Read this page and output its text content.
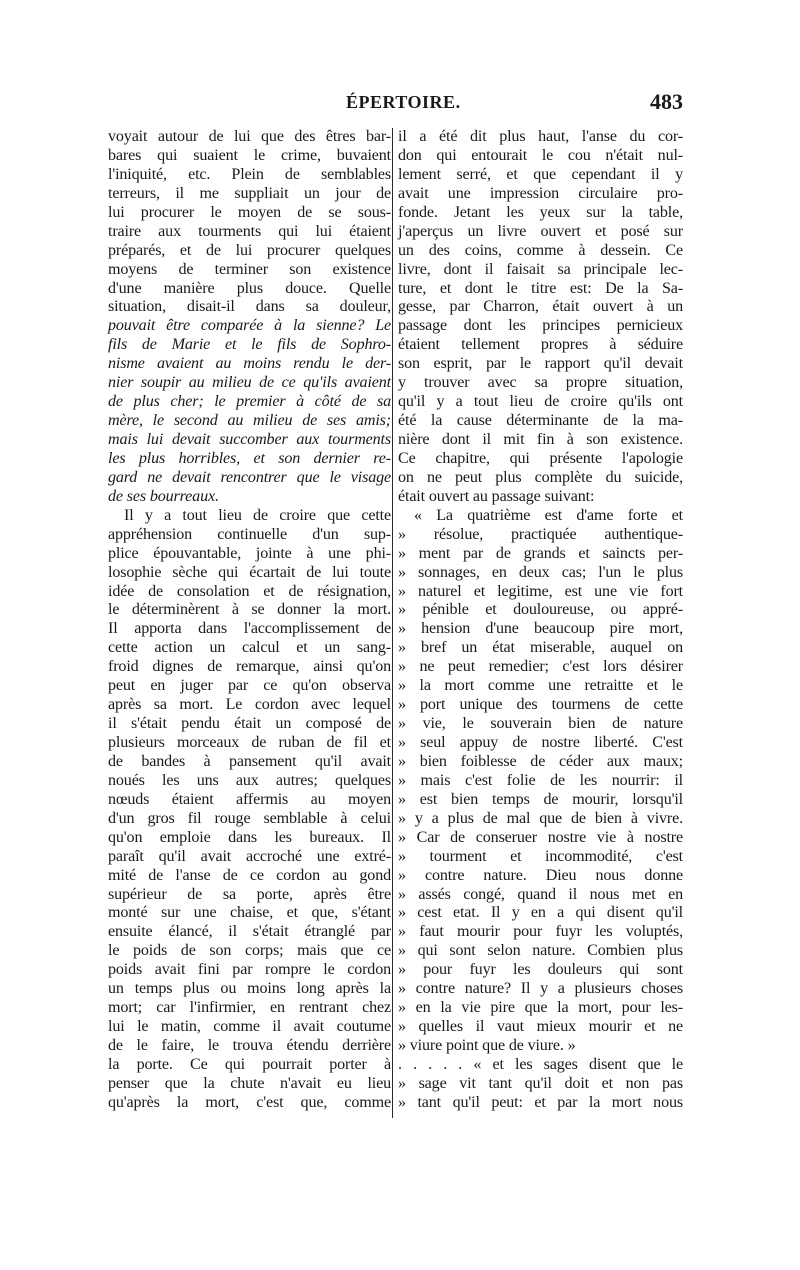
ÉPERTOIRE.	483
voyait autour de lui que des êtres bar-
bares qui suaient le crime, buvaient
l'iniquité, etc. Plein de semblables
terreurs, il me suppliait un jour de
lui procurer le moyen de se sous-
traire aux tourments qui lui étaient
préparés, et de lui procurer quelques
moyens de terminer son existence
d'une manière plus douce. Quelle
situation, disait-il dans sa douleur,
pouvait être comparée à la sienne? Le
fils de Marie et le fils de Sophro-
nisme avaient au moins rendu le der-
nier soupir au milieu de ce qu'ils avaient
de plus cher; le premier à côté de sa
mère, le second au milieu de ses amis;
mais lui devait succomber aux tourments
les plus horribles, et son dernier re-
gard ne devait rencontrer que le visage
de ses bourreaux.
Il y a tout lieu de croire que cette
appréhension continuelle d'un sup-
plice épouvantable, jointe à une phi-
losophie sèche qui écartait de lui toute
idée de consolation et de résignation,
le déterminèrent à se donner la mort.
Il apporta dans l'accomplissement de
cette action un calcul et un sang-
froid dignes de remarque, ainsi qu'on
peut en juger par ce qu'on observa
après sa mort. Le cordon avec lequel
il s'était pendu était un composé de
plusieurs morceaux de ruban de fil et
de bandes à pansement qu'il avait
noués les uns aux autres; quelques
nœuds étaient affermis au moyen
d'un gros fil rouge semblable à celui
qu'on emploie dans les bureaux. Il
paraît qu'il avait accroché une extré-
mité de l'anse de ce cordon au gond
supérieur de sa porte, après être
monté sur une chaise, et que, s'étant
ensuite élancé, il s'était étranglé par
le poids de son corps; mais que ce
poids avait fini par rompre le cordon
un temps plus ou moins long après la
mort; car l'infirmier, en rentrant chez
lui le matin, comme il avait coutume
de le faire, le trouva étendu derrière
la porte. Ce qui pourrait porter à
penser que la chute n'avait eu lieu
qu'après la mort, c'est que, comme
il a été dit plus haut, l'anse du cor-
don qui entourait le cou n'était nul-
lement serré, et que cependant il y
avait une impression circulaire pro-
fonde. Jetant les yeux sur la table,
j'aperçus un livre ouvert et posé sur
un des coins, comme à dessein. Ce
livre, dont il faisait sa principale lec-
ture, et dont le titre est: De la Sa-
gesse, par Charron, était ouvert à un
passage dont les principes pernicieux
étaient tellement propres à séduire
son esprit, par le rapport qu'il devait
y trouver avec sa propre situation,
qu'il y a tout lieu de croire qu'ils ont
été la cause déterminante de la ma-
nière dont il mit fin à son existence.
Ce chapitre, qui présente l'apologie
on ne peut plus complète du suicide,
était ouvert au passage suivant:
« La quatrième est d'ame forte et
» résolue, practiquée authentique-
» ment par de grands et saincts per-
» sonnages, en deux cas; l'un le plus
» naturel et legitime, est une vie fort
» pénible et douloureuse, ou appré-
» hension d'une beaucoup pire mort,
» bref un état miserable, auquel on
» ne peut remedier; c'est lors désirer
» la mort comme une retraitte et le
» port unique des tourmens de cette
» vie, le souverain bien de nature
» seul appuy de nostre liberté. C'est
» bien foiblesse de céder aux maux;
» mais c'est folie de les nourrir: il
» est bien temps de mourir, lorsqu'il
» y a plus de mal que de bien à vivre.
» Car de conseruer nostre vie à nostre
» tourment et incommodité, c'est
» contre nature. Dieu nous donne
» assés congé, quand il nous met en
» cest etat. Il y en a qui disent qu'il
» faut mourir pour fuyr les voluptés,
» qui sont selon nature. Combien plus
» pour fuyr les douleurs qui sont
» contre nature? Il y a plusieurs choses
» en la vie pire que la mort, pour les-
» quelles il vaut mieux mourir et ne
» viure point que de viure. »
. . . . . « et les sages disent que le
» sage vit tant qu'il doit et non pas
» tant qu'il peut: et par la mort nous
